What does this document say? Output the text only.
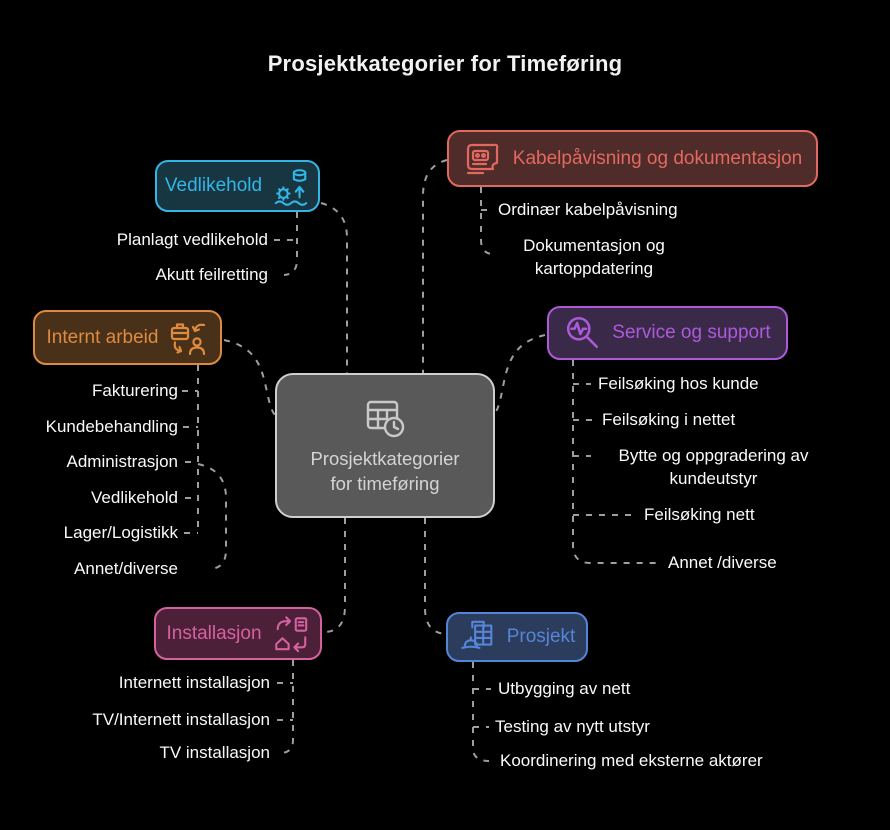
Prosjektkategorier for Timeføring
Prosjektkategorier
for timeføring
Vedlikehold
Kabelpåvisning og dokumentasjon
Internt arbeid	Service og support
Installasjon	Prosjekt
Planlagt vedlikehold
Akutt feilretting
Ordinær kabelpåvisning
Dokumentasjon og kartoppdatering
Fakturering
Kundebehandling
Administrasjon
Vedlikehold
Lager/Logistikk
Annet/diverse
Feilsøking hos kunde
Feilsøking i nettet
Bytte og oppgradering av kundeutstyr
Feilsøking nett
Annet /diverse
Internett installasjon
TV/Internett installasjon
TV installasjon
Utbygging av nett
Testing av nytt utstyr
Koordinering med eksterne aktører
